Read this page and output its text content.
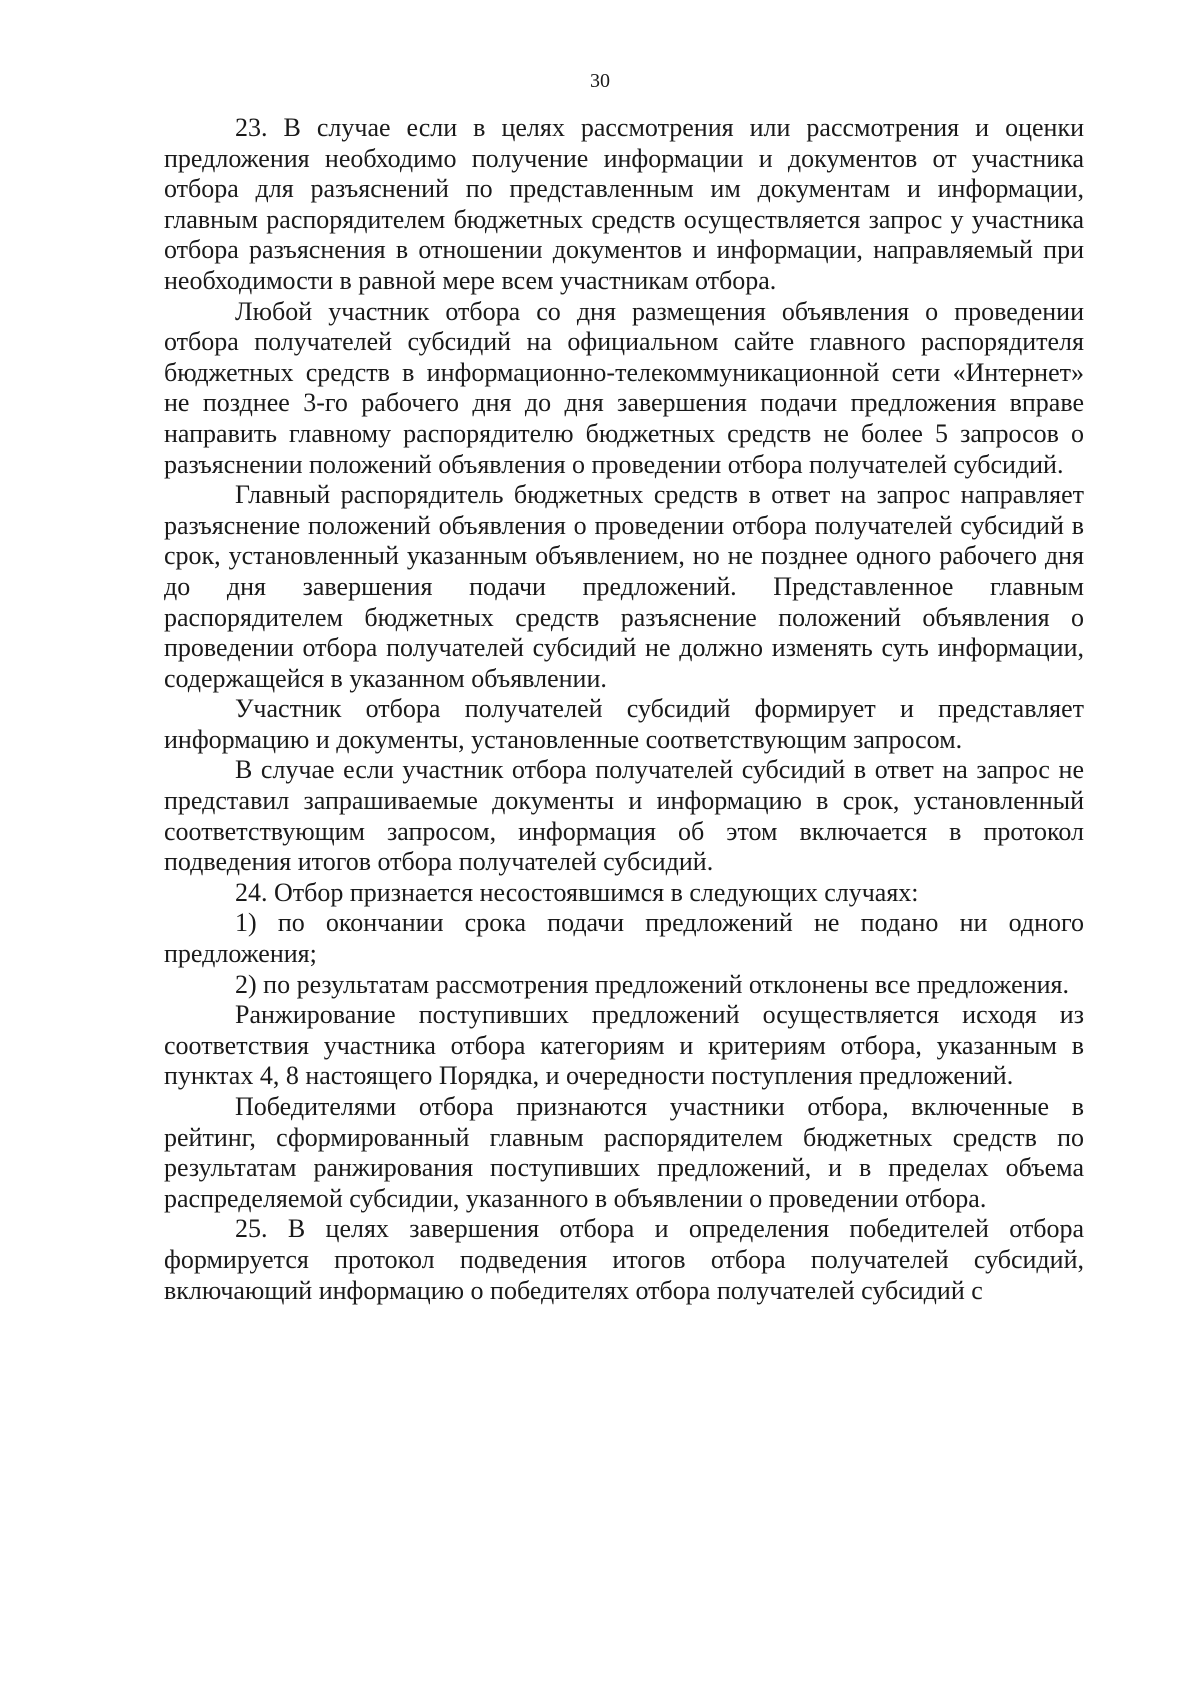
30

23. В случае если в целях рассмотрения или рассмотрения и оценки предложения необходимо получение информации и документов от участника отбора для разъяснений по представленным им документам и информации, главным распорядителем бюджетных средств осуществляется запрос у участника отбора разъяснения в отношении документов и информации, направляемый при необходимости в равной мере всем участникам отбора.

Любой участник отбора со дня размещения объявления о проведении отбора получателей субсидий на официальном сайте главного распорядителя бюджетных средств в информационно-телекоммуникационной сети «Интернет» не позднее 3-го рабочего дня до дня завершения подачи предложения вправе направить главному распорядителю бюджетных средств не более 5 запросов о разъяснении положений объявления о проведении отбора получателей субсидий.

Главный распорядитель бюджетных средств в ответ на запрос направляет разъяснение положений объявления о проведении отбора получателей субсидий в срок, установленный указанным объявлением, но не позднее одного рабочего дня до дня завершения подачи предложений. Представленное главным распорядителем бюджетных средств разъяснение положений объявления о проведении отбора получателей субсидий не должно изменять суть информации, содержащейся в указанном объявлении.

Участник отбора получателей субсидий формирует и представляет информацию и документы, установленные соответствующим запросом.

В случае если участник отбора получателей субсидий в ответ на запрос не представил запрашиваемые документы и информацию в срок, установленный соответствующим запросом, информация об этом включается в протокол подведения итогов отбора получателей субсидий.

24. Отбор признается несостоявшимся в следующих случаях:

1) по окончании срока подачи предложений не подано ни одного предложения;

2) по результатам рассмотрения предложений отклонены все предложения.

Ранжирование поступивших предложений осуществляется исходя из соответствия участника отбора категориям и критериям отбора, указанным в пунктах 4, 8 настоящего Порядка, и очередности поступления предложений.

Победителями отбора признаются участники отбора, включенные в рейтинг, сформированный главным распорядителем бюджетных средств по результатам ранжирования поступивших предложений, и в пределах объема распределяемой субсидии, указанного в объявлении о проведении отбора.

25. В целях завершения отбора и определения победителей отбора формируется протокол подведения итогов отбора получателей субсидий, включающий информацию о победителях отбора получателей субсидий с
